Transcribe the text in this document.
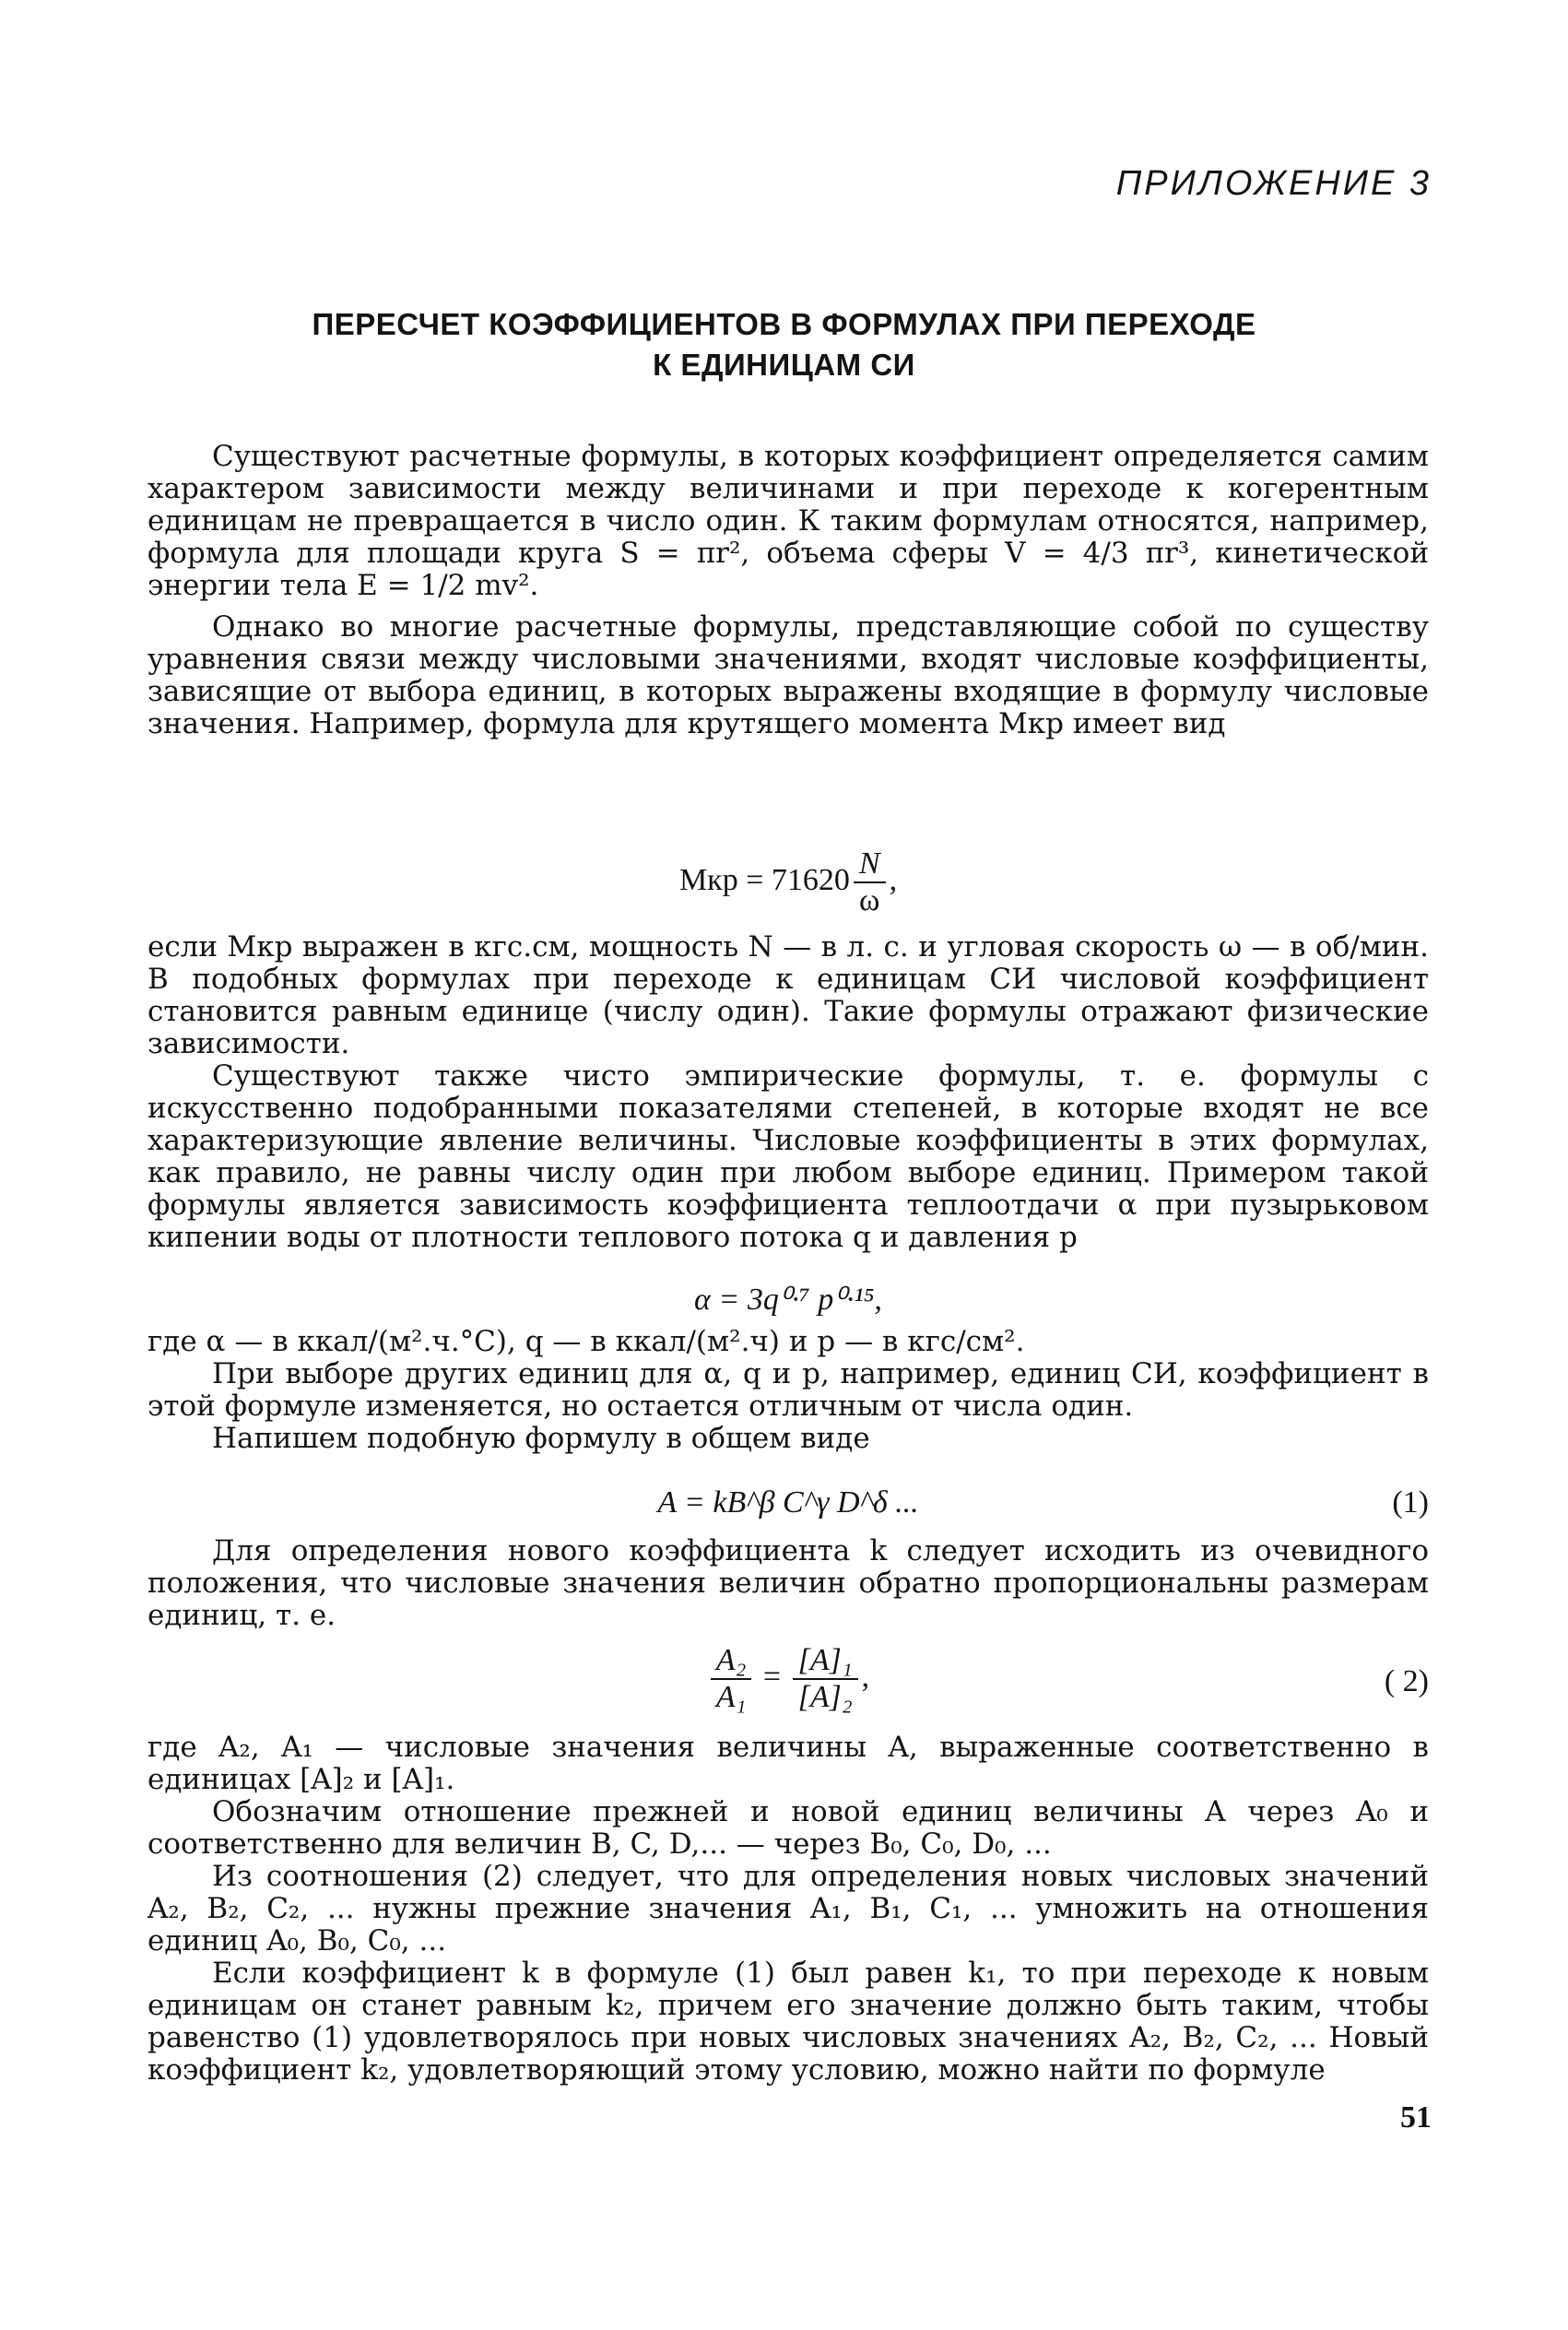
ПРИЛОЖЕНИЕ 3
ПЕРЕСЧЕТ КОЭФФИЦИЕНТОВ В ФОРМУЛАХ ПРИ ПЕРЕХОДЕ
К ЕДИНИЦАМ СИ

Существуют расчетные формулы, в которых коэффициент определяется самим характером зависимости между величинами и при переходе к когерентным единицам не превращается в число один. К таким формулам относятся, например, формула для площади круга S = πr², объема сферы V = 4/3 πr³, кинетической энергии тела E = 1/2 mv².

Однако во многие расчетные формулы, представляющие собой по существу уравнения связи между числовыми значениями, входят числовые коэффициенты, зависящие от выбора единиц, в которых выражены входящие в формулу числовые значения. Например, формула для крутящего момента Mкр имеет вид

Mкр = $71620 \frac{N}{\omega}$ ,

если Mкр выражен в кгс.см, мощность N — в л. с. и угловая скорость ω — в об/мин. В подобных формулах при переходе к единицам СИ числовой коэффициент становится равным единице (числу один). Такие формулы отражают физические зависимости.

Существуют также чисто эмпирические формулы, т. е. формулы с искусственно подобранными показателями степеней, в которые входят не все характеризующие явление величины. Числовые коэффициенты в этих формулах, как правило, не равны числу один при любом выборе единиц. Примером такой формулы является зависимость коэффициента теплоотдачи α при пузырьковом кипении воды от плотности теплового потока q и давления p

α = 3q⁰·⁷ p⁰·¹⁵,

где α — в ккал/(м².ч.°С), q — в ккал/(м².ч) и p — в кгс/см².

При выборе других единиц для α, q и p, например, единиц СИ, коэффициент в этой формуле изменяется, но остается отличным от числа один.

Напишем подобную формулу в общем виде

A = kB^β C^γ D^δ ...	(1)

Для определения нового коэффициента k следует исходить из очевидного положения, что числовые значения величин обратно пропорциональны размерам единиц, т. е.

$\frac{\text{A₂}}{\text{A₁}} = \frac{\text{[A]₁}}{\text{[A]₂}}$ ,	( 2)

где A₂, A₁ — числовые значения величины A, выраженные соответственно в единицах [A]₂ и [A]₁.

Обозначим отношение прежней и новой единиц величины A через A₀ и соответственно для величин B, C, D,... — через B₀, C₀, D₀, ...

Из соотношения (2) следует, что для определения новых числовых значений A₂, B₂, C₂, ... нужны прежние значения A₁, B₁, C₁, ... умножить на отношения единиц A₀, B₀, C₀, ...

Если коэффициент k в формуле (1) был равен k₁, то при переходе к новым единицам он станет равным k₂, причем его значение должно быть таким, чтобы равенство (1) удовлетворялось при новых числовых значениях A₂, B₂, C₂, ... Новый коэффициент k₂, удовлетворяющий этому условию, можно найти по формуле

51
